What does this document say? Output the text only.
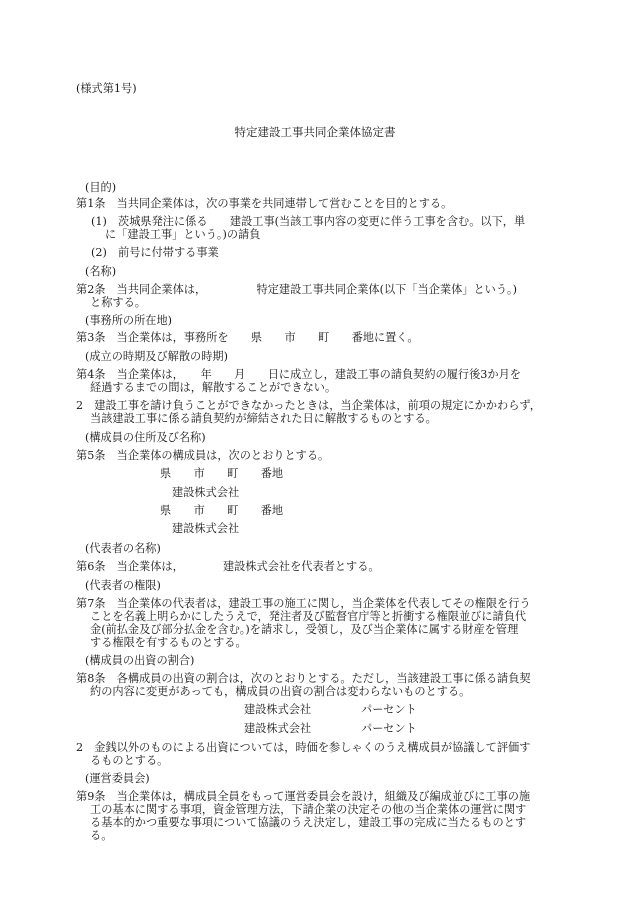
(様式第1号)
特定建設工事共同企業体協定書
(目的)
第1条　当共同企業体は，次の事業を共同連帯して営むことを目的とする。
(1)　茨城県発注に係る　　建設工事(当該工事内容の変更に伴う工事を含む。以下，単
に「建設工事」という。)の請負
(2)　前号に付帯する事業
(名称)
第2条　当共同企業体は，　　　　　特定建設工事共同企業体(以下「当企業体」という。)
と称する。
(事務所の所在地)
第3条　当企業体は，事務所を　　県　　市　　町　　番地に置く。
(成立の時期及び解散の時期)
第4条　当企業体は，　　年　　月　　日に成立し，建設工事の請負契約の履行後3か月を
経過するまでの間は，解散することができない。
2　建設工事を請け負うことができなかったときは，当企業体は，前項の規定にかかわらず，
当該建設工事に係る請負契約が締結された日に解散するものとする。
(構成員の住所及び名称)
第5条　当企業体の構成員は，次のとおりとする。
県　　市　　町　　番地
建設株式会社
県　　市　　町　　番地
建設株式会社
(代表者の名称)
第6条　当企業体は，　　　　建設株式会社を代表者とする。
(代表者の権限)
第7条　当企業体の代表者は，建設工事の施工に関し，当企業体を代表してその権限を行う
ことを名義上明らかにしたうえで，発注者及び監督官庁等と折衝する権限並びに請負代
金(前払金及び部分払金を含む。)を請求し，受領し，及び当企業体に属する財産を管理
する権限を有するものとする。
(構成員の出資の割合)
第8条　各構成員の出資の割合は，次のとおりとする。ただし，当該建設工事に係る請負契
約の内容に変更があっても，構成員の出資の割合は変わらないものとする。
建設株式会社	パーセント
建設株式会社	パーセント
2　金銭以外のものによる出資については，時価を参しゃくのうえ構成員が協議して評価す
るものとする。
(運営委員会)
第9条　当企業体は，構成員全員をもって運営委員会を設け，組織及び編成並びに工事の施
工の基本に関する事項，資金管理方法，下請企業の決定その他の当企業体の運営に関す
る基本的かつ重要な事項について協議のうえ決定し，建設工事の完成に当たるものとす
る。
